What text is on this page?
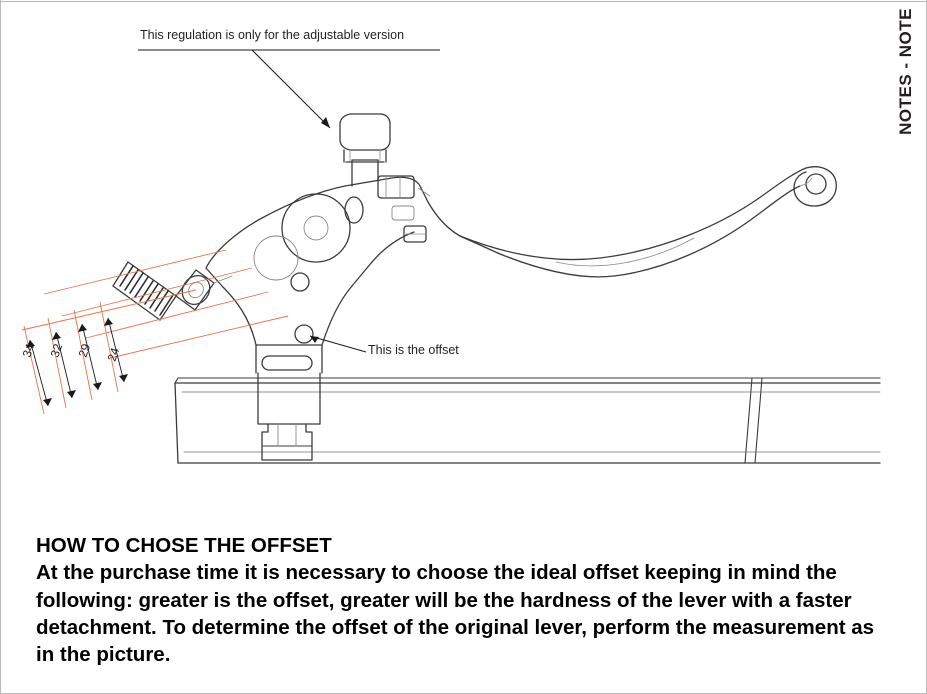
This regulation is only for the adjustable version
This is the offset
34 32 29 24
NOTES - NOTE
HOW TO CHOSE THE OFFSET
At the purchase time it is necessary to choose the ideal offset keeping in mind the following: greater is the offset, greater will be the hardness of the lever with a faster detachment. To determine the offset of the original lever, perform the measurement as in the picture.
